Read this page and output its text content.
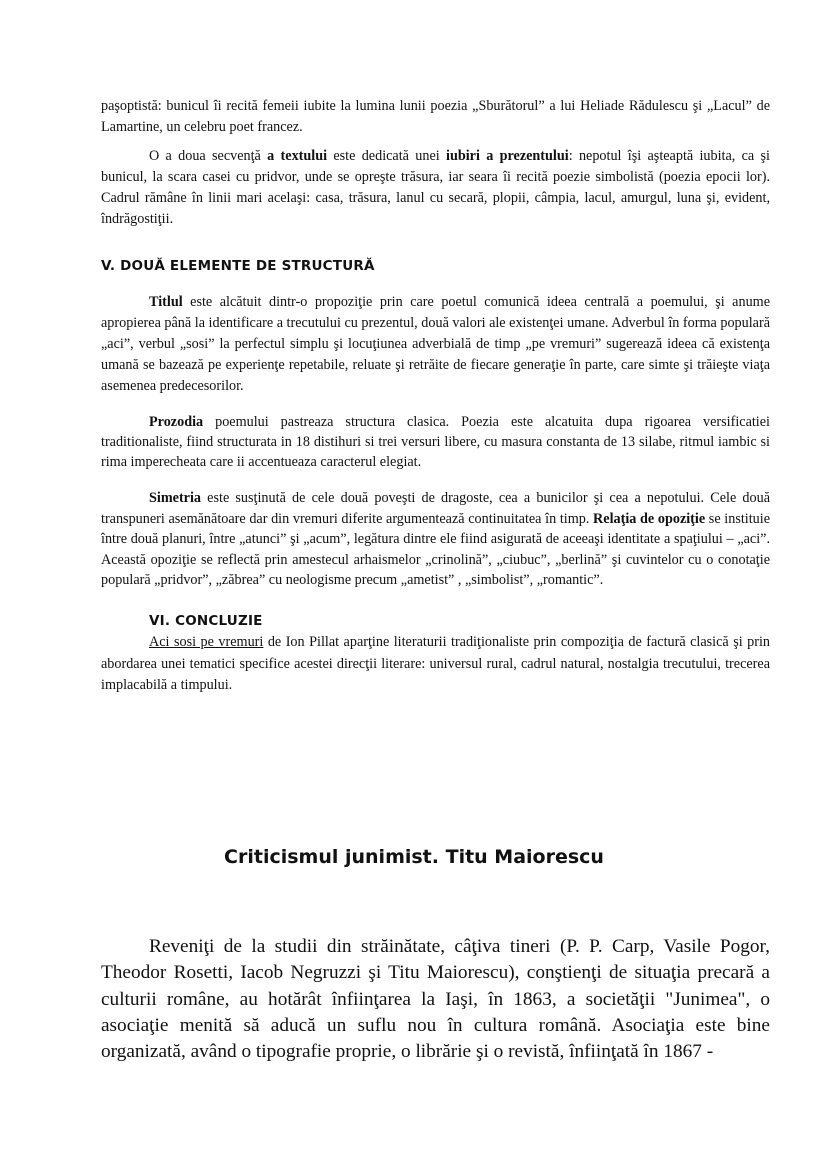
paşoptistă: bunicul îi recită femeii iubite la lumina lunii poezia „Sburătorul” a lui Heliade Rădulescu şi „Lacul” de Lamartine, un celebru poet francez.

O a doua secvenţă a textului este dedicată unei iubiri a prezentului: nepotul îşi aşteaptă iubita, ca şi bunicul, la scara casei cu pridvor, unde se opreşte trăsura, iar seara îi recită poezie simbolistă (poezia epocii lor). Cadrul rămâne în linii mari acelaşi: casa, trăsura, lanul cu secară, plopii, câmpia, lacul, amurgul, luna şi, evident, îndrăgostiţii.

V. DOUĂ ELEMENTE DE STRUCTURĂ

Titlul este alcătuit dintr-o propoziţie prin care poetul comunică ideea centrală a poemului, şi anume apropierea până la identificare a trecutului cu prezentul, două valori ale existenţei umane. Adverbul în forma populară „aci”, verbul „sosi” la perfectul simplu şi locuţiunea adverbială de timp „pe vremuri” sugerează ideea că existenţa umană se bazează pe experienţe repetabile, reluate şi retrăite de fiecare generaţie în parte, care simte şi trăieşte viaţa asemenea predecesorilor.

Prozodia poemului pastreaza structura clasica. Poezia este alcatuita dupa rigoarea versificatiei traditionaliste, fiind structurata in 18 distihuri si trei versuri libere, cu masura constanta de 13 silabe, ritmul iambic si rima imperecheata care ii accentueaza caracterul elegiat.

Simetria este susţinută de cele două poveşti de dragoste, cea a bunicilor şi cea a nepotului. Cele două transpuneri asemănătoare dar din vremuri diferite argumentează continuitatea în timp. Relaţia de opoziţie se instituie între două planuri, între „atunci” şi „acum”, legătura dintre ele fiind asigurată de aceeaşi identitate a spaţiului – „aci”. Această opoziţie se reflectă prin amestecul arhaismelor „crinolină”, „ciubuc”, „berlină” şi cuvintelor cu o conotaţie populară „pridvor”, „zăbrea” cu neologisme precum „ametist” , „simbolist”, „romantic”.

VI. CONCLUZIE

Aci sosi pe vremuri de Ion Pillat aparţine literaturii tradiţionaliste prin compoziţia de factură clasică şi prin abordarea unei tematici specifice acestei direcţii literare: universul rural, cadrul natural, nostalgia trecutului, trecerea implacabilă a timpului.

Criticismul junimist. Titu Maiorescu

Reveniţi de la studii din străinătate, câţiva tineri (P. P. Carp, Vasile Pogor, Theodor Rosetti, Iacob Negruzzi şi Titu Maiorescu), conştienţi de situaţia precară a culturii române, au hotărât înfiinţarea la Iaşi, în 1863, a societăţii "Junimea", o asociaţie menită să aducă un suflu nou în cultura română. Asociaţia este bine organizată, având o tipografie proprie, o librărie şi o revistă, înfiinţată în 1867 -
